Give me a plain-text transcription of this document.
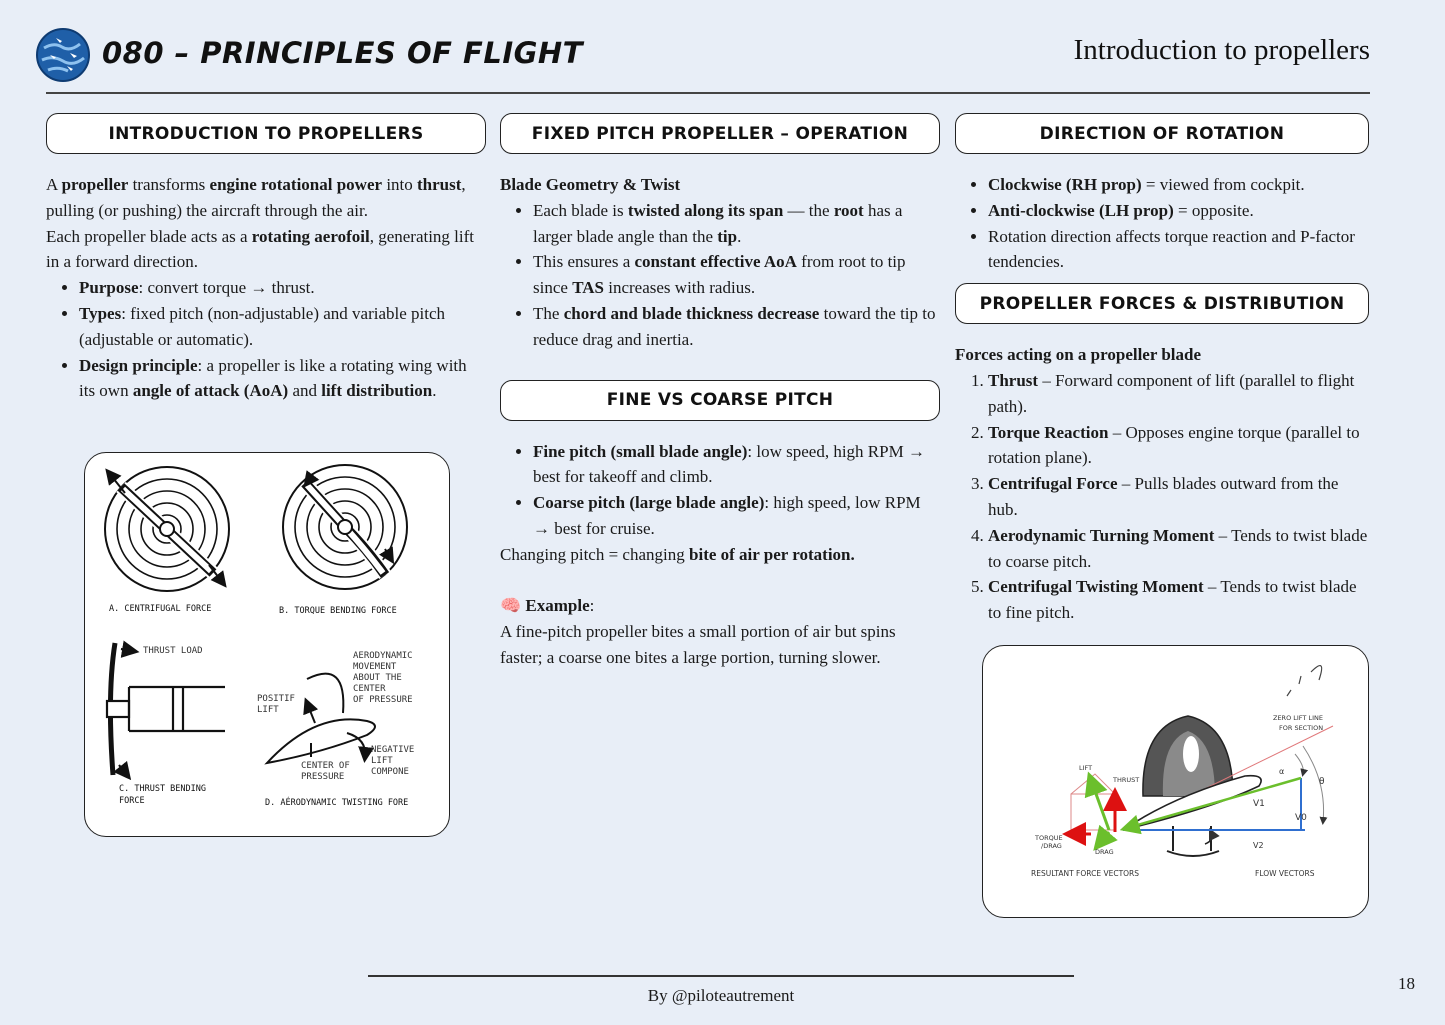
080 – PRINCIPLES OF FLIGHT	Introduction to propellers
INTRODUCTION TO PROPELLERS

A propeller transforms engine rotational power into thrust, pulling (or pushing) the aircraft through the air.

Each propeller blade acts as a rotating aerofoil, generating lift in a forward direction.

• Purpose: convert torque → thrust.
• Types: fixed pitch (non-adjustable) and variable pitch (adjustable or automatic).
• Design principle: a propeller is like a rotating wing with its own angle of attack (AoA) and lift distribution.
A. CENTRIFUGAL FORCE	B. TORQUE BENDING FORCE
THRUST LOAD
C. THRUST BENDING
FORCE
AERODYNAMIC
MOVEMENT
ABOUT THE
CENTER
OF PRESSURE
POSITIF
LIFT
NEGATIVE
LIFT
COMPONE
CENTER OF
PRESSURE
D. AÉRODYNAMIC TWISTING FORE
FIXED PITCH PROPELLER – OPERATION

Blade Geometry & Twist

• Each blade is twisted along its span — the root has a larger blade angle than the tip.
• This ensures a constant effective AoA from root to tip since TAS increases with radius.
• The chord and blade thickness decrease toward the tip to reduce drag and inertia.
FINE VS COARSE PITCH
• Fine pitch (small blade angle): low speed, high RPM → best for takeoff and climb.
• Coarse pitch (large blade angle): high speed, low RPM → best for cruise.

Changing pitch = changing bite of air per rotation.

🧠 Example:

A fine-pitch propeller bites a small portion of air but spins faster; a coarse one bites a large portion, turning slower.

DIRECTION OF ROTATION
• Clockwise (RH prop) = viewed from cockpit.
• Anti-clockwise (LH prop) = opposite.
• Rotation direction affects torque reaction and P-factor tendencies.
PROPELLER FORCES & DISTRIBUTION

Forces acting on a propeller blade

1. Thrust – Forward component of lift (parallel to flight path).
2. Torque Reaction – Opposes engine torque (parallel to rotation plane).
3. Centrifugal Force – Pulls blades outward from the hub.
4. Aerodynamic Turning Moment – Tends to twist blade to coarse pitch.
5. Centrifugal Twisting Moment – Tends to twist blade to fine pitch.
ZERO LIFT LINE
FOR SECTION
LIFT
THRUST
TORQUE
/DRAG
DRAG
α
θ
V1
V0
V2
RESULTANT FORCE VECTORS	FLOW VECTORS
By @piloteautrement
18
